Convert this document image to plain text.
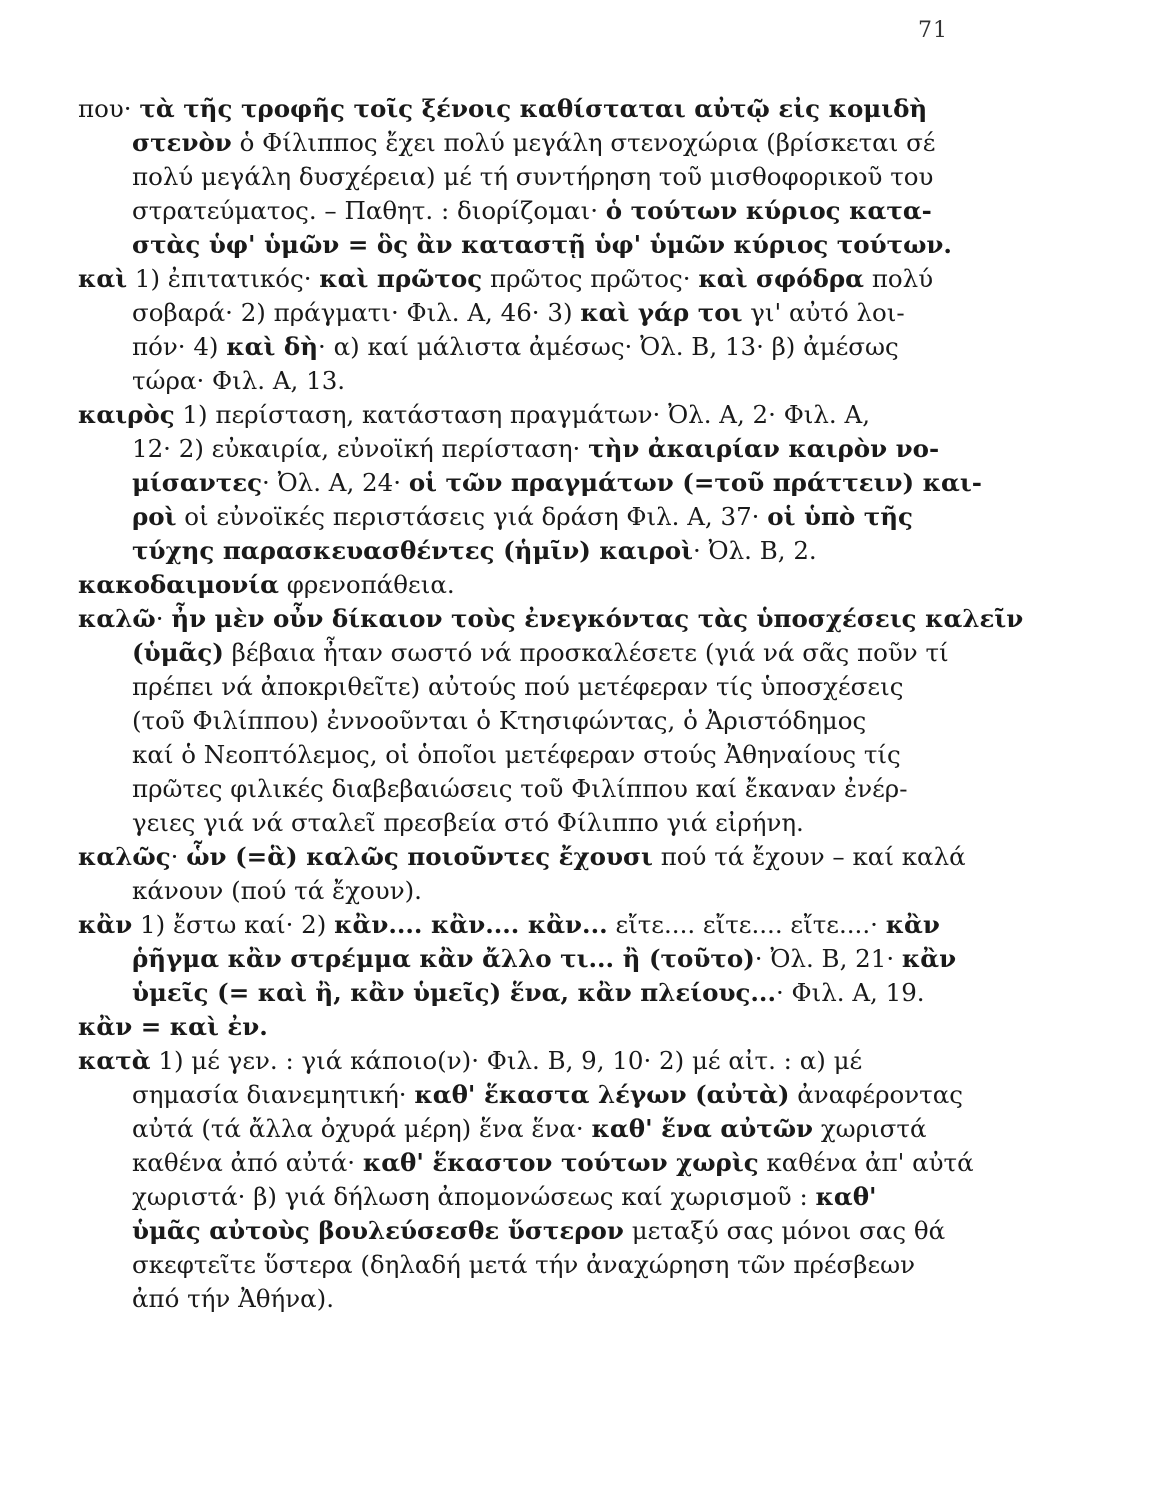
71
που· τὰ τῆς τροφῆς τοῖς ξένοις καθίσταται αὐτῷ εἰς κομιδὴ
στενὸν ὁ Φίλιππος ἔχει πολύ μεγάλη στενοχώρια (βρίσκεται σέ
πολύ μεγάλη δυσχέρεια) μέ τή συντήρηση τοῦ μισθοφορικοῦ του
στρατεύματος. – Παθητ. : διορίζομαι· ὁ τούτων κύριος κατα-
στὰς ὑφ' ὑμῶν = ὃς ἂν καταστῇ ὑφ' ὑμῶν κύριος τούτων.
καὶ 1) ἐπιτατικός· καὶ πρῶτος πρῶτος πρῶτος· καὶ σφόδρα πολύ
σοβαρά· 2) πράγματι· Φιλ. Α, 46· 3) καὶ γάρ τοι γι' αὐτό λοι-
πόν· 4) καὶ δὴ· α) καί μάλιστα ἀμέσως· Ὀλ. Β, 13· β) ἀμέσως
τώρα· Φιλ. Α, 13.
καιρὸς 1) περίσταση, κατάσταση πραγμάτων· Ὀλ. Α, 2· Φιλ. Α,
12· 2) εὐκαιρία, εὐνοϊκή περίσταση· τὴν ἀκαιρίαν καιρὸν νο-
μίσαντες· Ὀλ. Α, 24· οἱ τῶν πραγμάτων (=τοῦ πράττειν) και-
ροὶ οἱ εὐνοϊκές περιστάσεις γιά δράση Φιλ. Α, 37· οἱ ὑπὸ τῆς
τύχης παρασκευασθέντες (ἡμῖν) καιροὶ· Ὀλ. Β, 2.
κακοδαιμονία φρενοπάθεια.
καλῶ· ἦν μὲν οὖν δίκαιον τοὺς ἐνεγκόντας τὰς ὑποσχέσεις καλεῖν
(ὑμᾶς) βέβαια ἦταν σωστό νά προσκαλέσετε (γιά νά σᾶς ποῦν τί
πρέπει νά ἀποκριθεῖτε) αὐτούς πού μετέφεραν τίς ὑποσχέσεις
(τοῦ Φιλίππου) ἐννοοῦνται ὁ Κτησιφώντας, ὁ Ἀριστόδημος
καί ὁ Νεοπτόλεμος, οἱ ὁποῖοι μετέφεραν στούς Ἀθηναίους τίς
πρῶτες φιλικές διαβεβαιώσεις τοῦ Φιλίππου καί ἔκαναν ἐνέρ-
γειες γιά νά σταλεῖ πρεσβεία στό Φίλιππο γιά εἰρήνη.
καλῶς· ὧν (=ἃ) καλῶς ποιοῦντες ἔχουσι πού τά ἔχουν – καί καλά
κάνουν (πού τά ἔχουν).
κἂν 1) ἔστω καί· 2) κἂν.... κἂν.... κἂν... εἴτε.... εἴτε.... εἴτε....· κἂν
ῥῆγμα κἂν στρέμμα κἂν ἄλλο τι... ἢ (τοῦτο)· Ὀλ. Β, 21· κἂν
ὑμεῖς (= καὶ ἢ, κἂν ὑμεῖς) ἕνα, κἂν πλείους...· Φιλ. Α, 19.
κἂν = καὶ ἐν.
κατὰ 1) μέ γεν. : γιά κάποιο(ν)· Φιλ. Β, 9, 10· 2) μέ αἰτ. : α) μέ
σημασία διανεμητική· καθ' ἕκαστα λέγων (αὐτὰ) ἀναφέροντας
αὐτά (τά ἄλλα ὀχυρά μέρη) ἕνα ἕνα· καθ' ἕνα αὐτῶν χωριστά
καθένα ἀπό αὐτά· καθ' ἕκαστον τούτων χωρὶς καθένα ἀπ' αὐτά
χωριστά· β) γιά δήλωση ἀπομονώσεως καί χωρισμοῦ : καθ'
ὑμᾶς αὐτοὺς βουλεύσεσθε ὕστερον μεταξύ σας μόνοι σας θά
σκεφτεῖτε ὕστερα (δηλαδή μετά τήν ἀναχώρηση τῶν πρέσβεων
ἀπό τήν Ἀθήνα).
